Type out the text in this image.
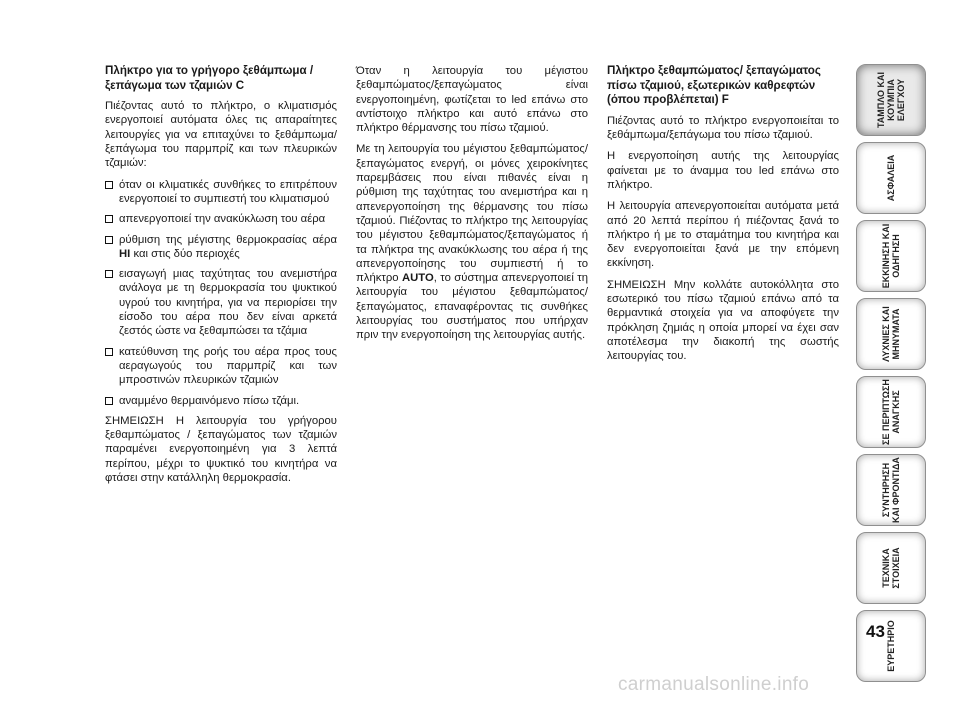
Πλήκτρο για το γρήγορο ξεθάμπωμα / ξεπάγωμα των τζαμιών C

Πιέζοντας αυτό το πλήκτρο, ο κλιματισμός ενεργοποιεί αυτόματα όλες τις απαραίτητες λειτουργίες για να επιταχύνει το ξεθάμπωμα/ξεπάγωμα του παρμπρίζ και των πλευρικών τζαμιών:

όταν οι κλιματικές συνθήκες το επιτρέπουν ενεργοποιεί το συμπιεστή του κλιματισμού
απενεργοποιεί την ανακύκλωση του αέρα
ρύθμιση της μέγιστης θερμοκρασίας αέρα HI και στις δύο περιοχές
εισαγωγή μιας ταχύτητας του ανεμιστήρα ανάλογα με τη θερμοκρασία του ψυκτικού υγρού του κινητήρα, για να περιορίσει την είσοδο του αέρα που δεν είναι αρκετά ζεστός ώστε να ξεθαμπώσει τα τζάμια
κατεύθυνση της ροής του αέρα προς τους αεραγωγούς του παρμπρίζ και των μπροστινών πλευρικών τζαμιών
αναμμένο θερμαινόμενο πίσω τζάμι.

ΣΗΜΕΙΩΣΗ Η λειτουργία του γρήγορου ξεθαμπώματος / ξεπαγώματος των τζαμιών παραμένει ενεργοποιημένη για 3 λεπτά περίπου, μέχρι το ψυκτικό του κινητήρα να φτάσει στην κατάλληλη θερμοκρασία.

Όταν η λειτουργία του μέγιστου ξεθαμπώματος/ξεπαγώματος είναι ενεργοποιημένη, φωτίζεται το led επάνω στο αντίστοιχο πλήκτρο και αυτό επάνω στο πλήκτρο θέρμανσης του πίσω τζαμιού.

Με τη λειτουργία του μέγιστου ξεθαμπώματος/ξεπαγώματος ενεργή, οι μόνες χειροκίνητες παρεμβάσεις που είναι πιθανές είναι η ρύθμιση της ταχύτητας του ανεμιστήρα και η απενεργοποίηση της θέρμανσης του πίσω τζαμιού. Πιέζοντας το πλήκτρο της λειτουργίας του μέγιστου ξεθαμπώματος/ξεπαγώματος ή τα πλήκτρα της ανακύκλωσης του αέρα ή της απενεργοποίησης του συμπιεστή ή το πλήκτρο AUTO, το σύστημα απενεργοποιεί τη λειτουργία του μέγιστου ξεθαμπώματος/ξεπαγώματος, επαναφέροντας τις συνθήκες λειτουργίας του συστήματος που υπήρχαν πριν την ενεργοποίηση της λειτουργίας αυτής.

Πλήκτρο ξεθαμπώματος/ ξεπαγώματος πίσω τζαμιού, εξωτερικών καθρεφτών (όπου προβλέπεται) F

Πιέζοντας αυτό το πλήκτρο ενεργοποιείται το ξεθάμπωμα/ξεπάγωμα του πίσω τζαμιού.

Η ενεργοποίηση αυτής της λειτουργίας φαίνεται με το άναμμα του led επάνω στο πλήκτρο.

Η λειτουργία απενεργοποιείται αυτόματα μετά από 20 λεπτά περίπου ή πιέζοντας ξανά το πλήκτρο ή με το σταμάτημα του κινητήρα και δεν ενεργοποιείται ξανά με την επόμενη εκκίνηση.

ΣΗΜΕΙΩΣΗ Μην κολλάτε αυτοκόλλητα στο εσωτερικό του πίσω τζαμιού επάνω από τα θερμαντικά στοιχεία για να αποφύγετε την πρόκληση ζημιάς η οποία μπορεί να έχει σαν αποτέλεσμα την διακοπή της σωστής λειτουργίας του.

ΤΑΜΠΛΟ ΚΑΙ ΚΟΥΜΠΙΑ ΕΛΕΓΧΟΥ
ΑΣΦΑΛΕΙΑ
ΕΚΚΙΝΗΣΗ ΚΑΙ ΟΔΗΓΗΣΗ
ΛΥΧΝΙΕΣ ΚΑΙ ΜΗΝΥΜΑΤΑ
ΣΕ ΠΕΡΙΠΤΩΣΗ ΑΝΑΓΚΗΣ
ΣΥΝΤΗΡΗΣΗ ΚΑΙ ΦΡΟΝΤΙΔΑ
ΤΕΧΝΙΚΑ ΣΤΟΙΧΕΙΑ
ΕΥΡΕΤΗΡΙΟ
43
carmanualsonline.info
